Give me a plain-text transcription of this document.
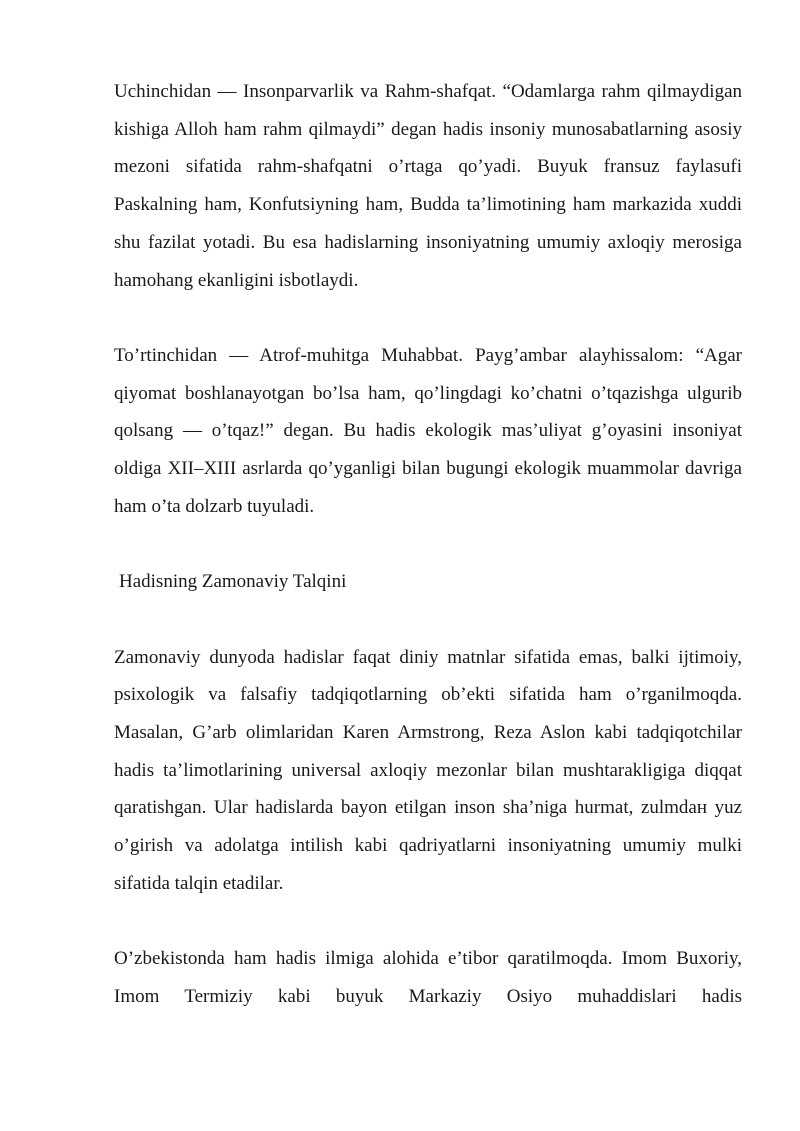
Uchinchidan — Insonparvarlik va Rahm-shafqat. “Odamlarga rahm qilmaydigan kishiga Alloh ham rahm qilmaydi” degan hadis insoniy munosabatlarning asosiy mezoni sifatida rahm-shafqatni o’rtaga qo’yadi. Buyuk fransuz faylasufi Paskalning ham, Konfutsiyning ham, Budda ta’limotining ham markazida xuddi shu fazilat yotadi. Bu esa hadislarning insoniyatning umumiy axloqiy merosiga hamohang ekanligini isbotlaydi.

To’rtinchidan — Atrof-muhitga Muhabbat. Payg’ambar alayhissalom: “Agar qiyomat boshlanayotgan bo’lsa ham, qo’lingdagi ko’chatni o’tqazishga ulgurib qolsang — o’tqaz!” degan. Bu hadis ekologik mas’uliyat g’oyasini insoniyat oldiga XII–XIII asrlarda qo’yganligi bilan bugungi ekologik muammolar davriga ham o’ta dolzarb tuyuladi.

Hadisning Zamonaviy Talqini

Zamonaviy dunyoda hadislar faqat diniy matnlar sifatida emas, balki ijtimoiy, psixologik va falsafiy tadqiqotlarning ob’ekti sifatida ham o’rganilmoqda. Masalan, G’arb olimlaridan Karen Armstrong, Reza Aslon kabi tadqiqotchilar hadis ta’limotlarining universal axloqiy mezonlar bilan mushtarakligiga diqqat qaratishgan. Ular hadislarda bayon etilgan inson sha’niga hurmat, zulmdaн yuz o’girish va adolatga intilish kabi qadriyatlarni insoniyatning umumiy mulki sifatida talqin etadilar.

O’zbekistonda ham hadis ilmiga alohida e’tibor qaratilmoqda. Imom Buxoriy, Imom Termiziy kabi buyuk Markaziy Osiyo muhaddislari hadis
